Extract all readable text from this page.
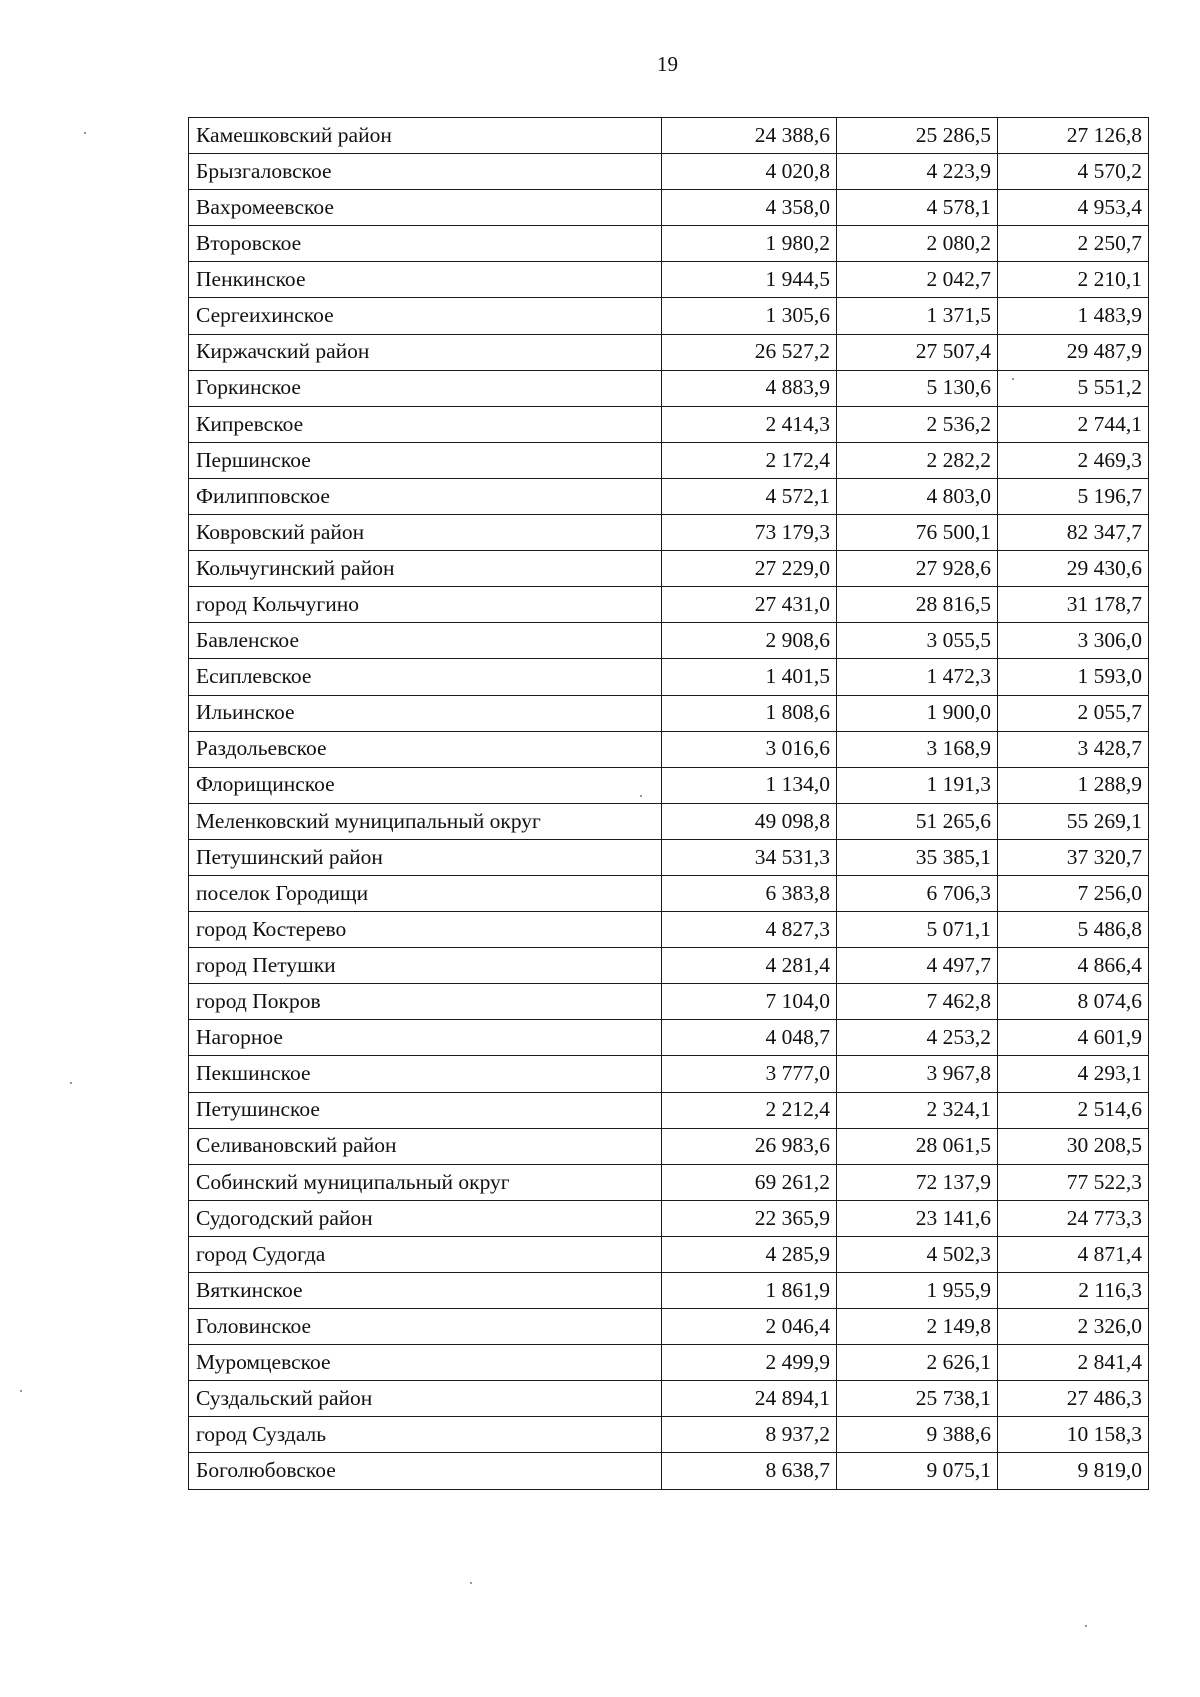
19
Камешковский район	24 388,6	25 286,5	27 126,8
Брызгаловское	4 020,8	4 223,9	4 570,2
Вахромеевское	4 358,0	4 578,1	4 953,4
Второвское	1 980,2	2 080,2	2 250,7
Пенкинское	1 944,5	2 042,7	2 210,1
Сергеихинское	1 305,6	1 371,5	1 483,9
Киржачский район	26 527,2	27 507,4	29 487,9
Горкинское	4 883,9	5 130,6	5 551,2
Кипревское	2 414,3	2 536,2	2 744,1
Першинское	2 172,4	2 282,2	2 469,3
Филипповское	4 572,1	4 803,0	5 196,7
Ковровский район	73 179,3	76 500,1	82 347,7
Кольчугинский район	27 229,0	27 928,6	29 430,6
город Кольчугино	27 431,0	28 816,5	31 178,7
Бавленское	2 908,6	3 055,5	3 306,0
Есиплевское	1 401,5	1 472,3	1 593,0
Ильинское	1 808,6	1 900,0	2 055,7
Раздольевское	3 016,6	3 168,9	3 428,7
Флорищинское	1 134,0	1 191,3	1 288,9
Меленковский муниципальный округ	49 098,8	51 265,6	55 269,1
Петушинский район	34 531,3	35 385,1	37 320,7
поселок Городищи	6 383,8	6 706,3	7 256,0
город Костерево	4 827,3	5 071,1	5 486,8
город Петушки	4 281,4	4 497,7	4 866,4
город Покров	7 104,0	7 462,8	8 074,6
Нагорное	4 048,7	4 253,2	4 601,9
Пекшинское	3 777,0	3 967,8	4 293,1
Петушинское	2 212,4	2 324,1	2 514,6
Селивановский район	26 983,6	28 061,5	30 208,5
Собинский муниципальный округ	69 261,2	72 137,9	77 522,3
Судогодский район	22 365,9	23 141,6	24 773,3
город Судогда	4 285,9	4 502,3	4 871,4
Вяткинское	1 861,9	1 955,9	2 116,3
Головинское	2 046,4	2 149,8	2 326,0
Муромцевское	2 499,9	2 626,1	2 841,4
Суздальский район	24 894,1	25 738,1	27 486,3
город Суздаль	8 937,2	9 388,6	10 158,3
Боголюбовское	8 638,7	9 075,1	9 819,0
